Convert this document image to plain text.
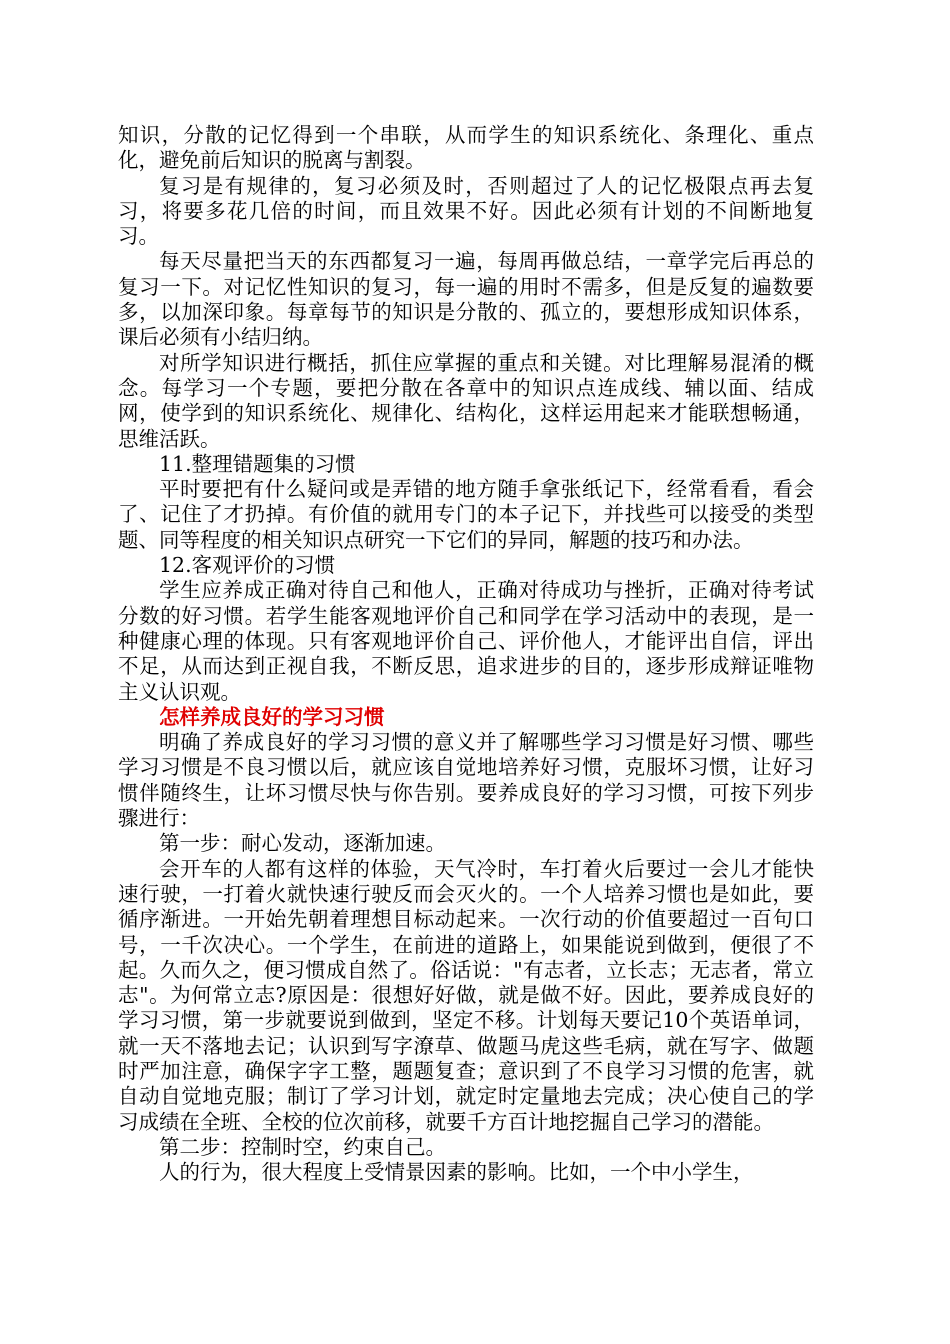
知识，分散的记忆得到一个串联，从而学生的知识系统化、条理化、重点化，避免前后知识的脱离与割裂。

复习是有规律的，复习必须及时，否则超过了人的记忆极限点再去复习，将要多花几倍的时间，而且效果不好。因此必须有计划的不间断地复习。

每天尽量把当天的东西都复习一遍，每周再做总结，一章学完后再总的复习一下。对记忆性知识的复习，每一遍的用时不需多，但是反复的遍数要多，以加深印象。每章每节的知识是分散的、孤立的，要想形成知识体系，课后必须有小结归纳。

对所学知识进行概括，抓住应掌握的重点和关键。对比理解易混淆的概念。每学习一个专题，要把分散在各章中的知识点连成线、辅以面、结成网，使学到的知识系统化、规律化、结构化，这样运用起来才能联想畅通，思维活跃。

11.整理错题集的习惯

平时要把有什么疑问或是弄错的地方随手拿张纸记下，经常看看，看会了、记住了才扔掉。有价值的就用专门的本子记下，并找些可以接受的类型题、同等程度的相关知识点研究一下它们的异同，解题的技巧和办法。

12.客观评价的习惯

学生应养成正确对待自己和他人，正确对待成功与挫折，正确对待考试分数的好习惯。若学生能客观地评价自己和同学在学习活动中的表现，是一种健康心理的体现。只有客观地评价自己、评价他人，才能评出自信，评出不足，从而达到正视自我，不断反思，追求进步的目的，逐步形成辩证唯物主义认识观。

怎样养成良好的学习习惯

明确了养成良好的学习习惯的意义并了解哪些学习习惯是好习惯、哪些学习习惯是不良习惯以后，就应该自觉地培养好习惯，克服坏习惯，让好习惯伴随终生，让坏习惯尽快与你告别。要养成良好的学习习惯，可按下列步骤进行：

第一步：耐心发动，逐渐加速。

会开车的人都有这样的体验，天气冷时，车打着火后要过一会儿才能快速行驶，一打着火就快速行驶反而会灭火的。一个人培养习惯也是如此，要循序渐进。一开始先朝着理想目标动起来。一次行动的价值要超过一百句口号，一千次决心。一个学生，在前进的道路上，如果能说到做到，便很了不起。久而久之，便习惯成自然了。俗话说："有志者，立长志；无志者，常立志"。为何常立志?原因是：很想好好做，就是做不好。因此，要养成良好的学习习惯，第一步就要说到做到，坚定不移。计划每天要记10个英语单词，就一天不落地去记；认识到写字潦草、做题马虎这些毛病，就在写字、做题时严加注意，确保字字工整，题题复查；意识到了不良学习习惯的危害，就自动自觉地克服；制订了学习计划，就定时定量地去完成；决心使自己的学习成绩在全班、全校的位次前移，就要千方百计地挖掘自己学习的潜能。

第二步：控制时空，约束自己。

人的行为，很大程度上受情景因素的影响。比如，一个中小学生，
